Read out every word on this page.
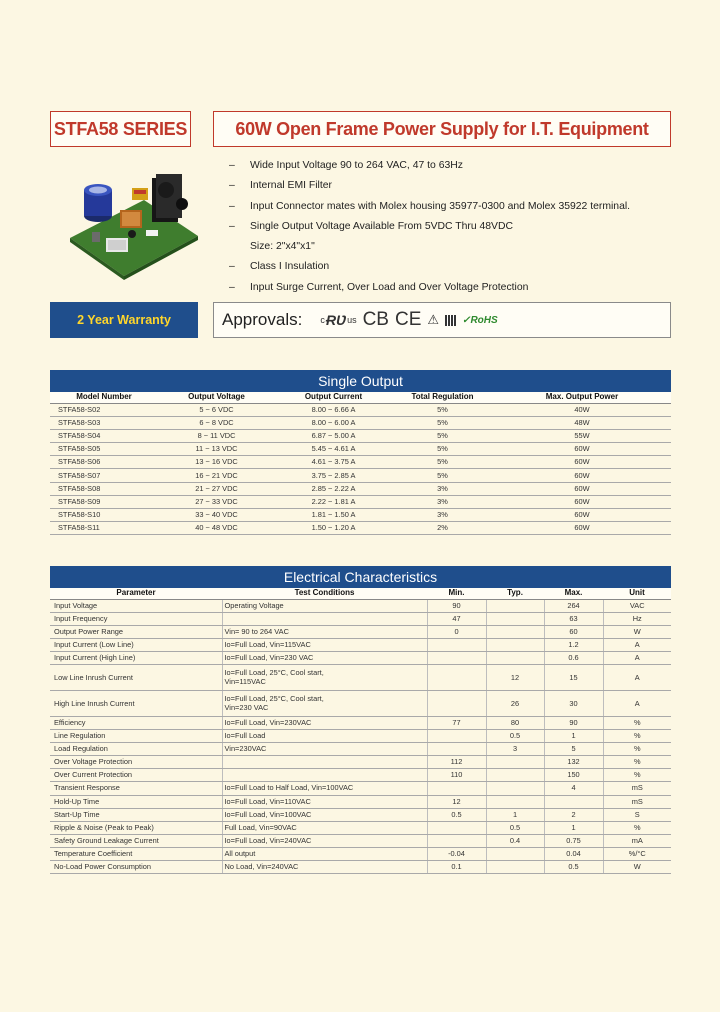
STFA58 SERIES	60W Open Frame Power Supply for I.T. Equipment
–	Wide Input Voltage 90 to 264 VAC, 47 to 63Hz
–	Internal EMI Filter
–	Input Connector mates with Molex housing 35977-0300 and Molex 35922 terminal.
–	Single Output Voltage Available From 5VDC Thru 48VDC
Size: 2"x4"x1"
–	Class I Insulation
–	Input Surge Current, Over Load and Over Voltage Protection
2 Year Warranty	Approvals: c ɌƲ us CB CE ⚠ ✓RoHS
Single Output
Model Number	Output Voltage	Output Current	Total Regulation	Max. Output Power
STFA58-S02	5 ~ 6 VDC	8.00 ~ 6.66 A	5%	40W
STFA58-S03	6 ~ 8 VDC	8.00 ~ 6.00 A	5%	48W
STFA58-S04	8 ~ 11 VDC	6.87 ~ 5.00 A	5%	55W
STFA58-S05	11 ~ 13 VDC	5.45 ~ 4.61 A	5%	60W
STFA58-S06	13 ~ 16 VDC	4.61 ~ 3.75 A	5%	60W
STFA58-S07	16 ~ 21 VDC	3.75 ~ 2.85 A	5%	60W
STFA58-S08	21 ~ 27 VDC	2.85 ~ 2.22 A	3%	60W
STFA58-S09	27 ~ 33 VDC	2.22 ~ 1.81 A	3%	60W
STFA58-S10	33 ~ 40 VDC	1.81 ~ 1.50 A	3%	60W
STFA58-S11	40 ~ 48 VDC	1.50 ~ 1.20 A	2%	60W
Electrical Characteristics
Parameter	Test Conditions	Min.	Typ.	Max.	Unit
Input Voltage	Operating Voltage	90		264	VAC
Input Frequency		47		63	Hz
Output Power Range	Vin= 90 to 264 VAC	0		60	W
Input Current (Low Line)	Io=Full Load, Vin=115VAC			1.2	A
Input Current (High Line)	Io=Full Load, Vin=230 VAC			0.6	A
Low Line Inrush Current	Io=Full Load, 25°C, Cool start,
Vin=115VAC		12	15	A
High Line Inrush Current	Io=Full Load, 25°C, Cool start,
Vin=230 VAC		26	30	A
Efficiency	Io=Full Load, Vin=230VAC	77	80	90	%
Line Regulation	Io=Full Load		0.5	1	%
Load Regulation	Vin=230VAC		3	5	%
Over Voltage Protection		112		132	%
Over Current Protection		110		150	%
Transient Response	Io=Full Load to Half Load, Vin=100VAC			4	mS
Hold-Up Time	Io=Full Load, Vin=110VAC	12			mS
Start-Up Time	Io=Full Load, Vin=100VAC	0.5	1	2	S
Ripple & Noise (Peak to Peak)	Full Load, Vin=90VAC		0.5	1	%
Safety Ground Leakage Current	Io=Full Load, Vin=240VAC		0.4	0.75	mA
Temperature Coefficient	All output	-0.04		0.04	%/°C
No-Load Power Consumption	No Load, Vin=240VAC	0.1		0.5	W
